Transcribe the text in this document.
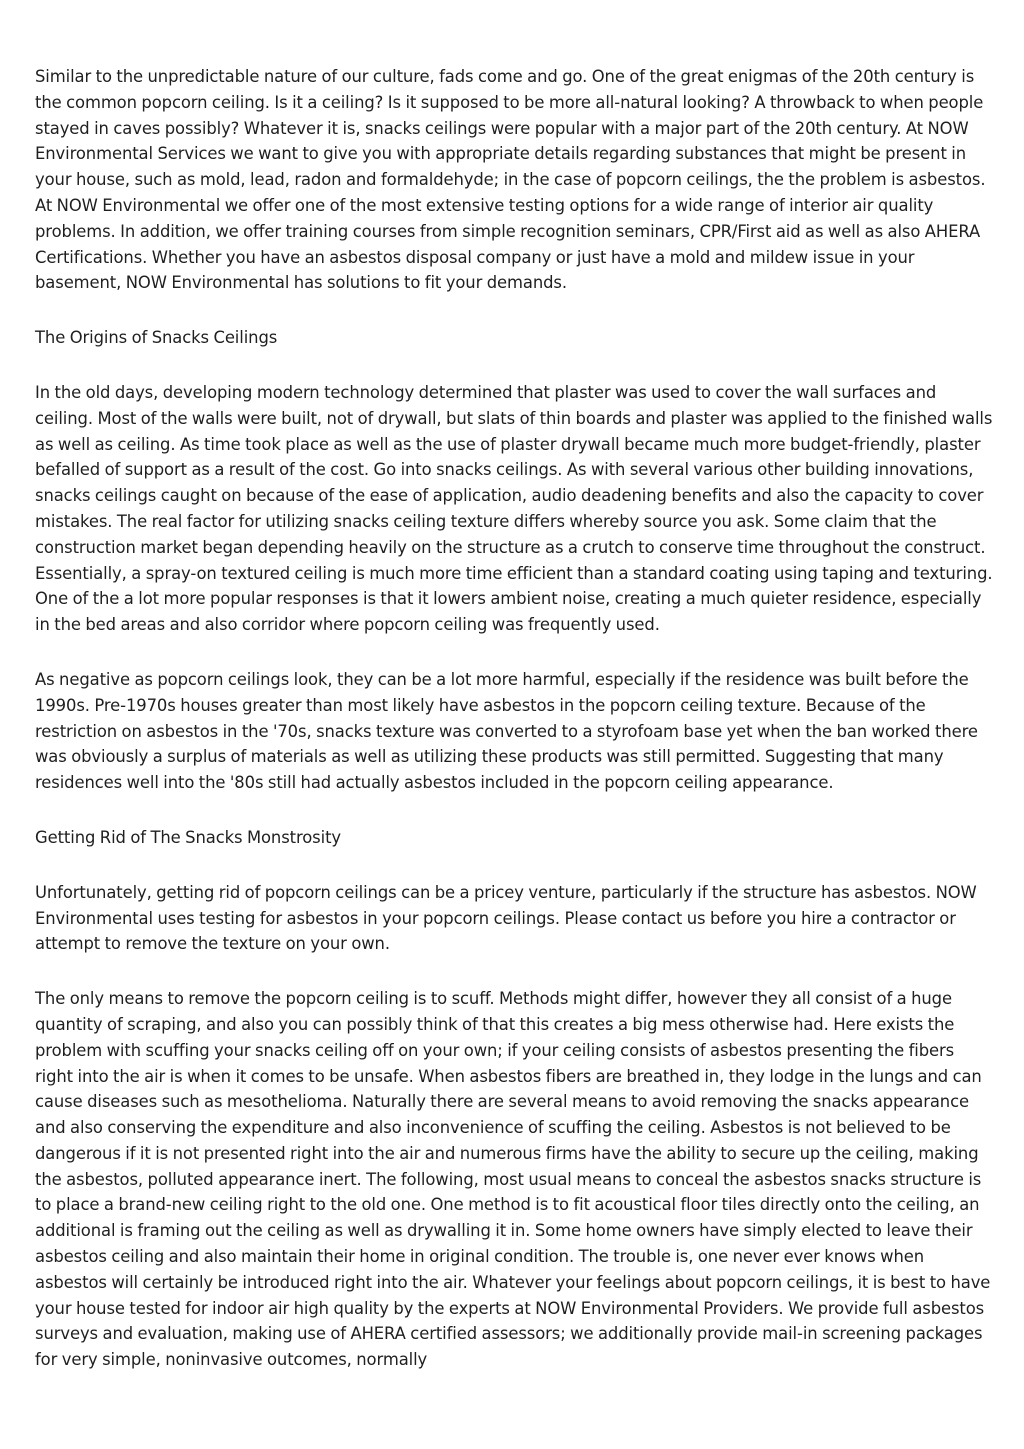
Similar to the unpredictable nature of our culture, fads come and go. One of the great enigmas of the 20th century is the common popcorn ceiling. Is it a ceiling? Is it supposed to be more all-natural looking? A throwback to when people stayed in caves possibly? Whatever it is, snacks ceilings were popular with a major part of the 20th century. At NOW Environmental Services we want to give you with appropriate details regarding substances that might be present in your house, such as mold, lead, radon and formaldehyde; in the case of popcorn ceilings, the the problem is asbestos. At NOW Environmental we offer one of the most extensive testing options for a wide range of interior air quality problems. In addition, we offer training courses from simple recognition seminars, CPR/First aid as well as also AHERA Certifications. Whether you have an asbestos disposal company or just have a mold and mildew issue in your basement, NOW Environmental has solutions to fit your demands.

The Origins of Snacks Ceilings

In the old days, developing modern technology determined that plaster was used to cover the wall surfaces and ceiling. Most of the walls were built, not of drywall, but slats of thin boards and plaster was applied to the finished walls as well as ceiling. As time took place as well as the use of plaster drywall became much more budget-friendly, plaster befalled of support as a result of the cost. Go into snacks ceilings. As with several various other building innovations, snacks ceilings caught on because of the ease of application, audio deadening benefits and also the capacity to cover mistakes. The real factor for utilizing snacks ceiling texture differs whereby source you ask. Some claim that the construction market began depending heavily on the structure as a crutch to conserve time throughout the construct. Essentially, a spray-on textured ceiling is much more time efficient than a standard coating using taping and texturing. One of the a lot more popular responses is that it lowers ambient noise, creating a much quieter residence, especially in the bed areas and also corridor where popcorn ceiling was frequently used.

As negative as popcorn ceilings look, they can be a lot more harmful, especially if the residence was built before the 1990s. Pre-1970s houses greater than most likely have asbestos in the popcorn ceiling texture. Because of the restriction on asbestos in the '70s, snacks texture was converted to a styrofoam base yet when the ban worked there was obviously a surplus of materials as well as utilizing these products was still permitted. Suggesting that many residences well into the '80s still had actually asbestos included in the popcorn ceiling appearance.

Getting Rid of The Snacks Monstrosity

Unfortunately, getting rid of popcorn ceilings can be a pricey venture, particularly if the structure has asbestos. NOW Environmental uses testing for asbestos in your popcorn ceilings. Please contact us before you hire a contractor or attempt to remove the texture on your own.

The only means to remove the popcorn ceiling is to scuff. Methods might differ, however they all consist of a huge quantity of scraping, and also you can possibly think of that this creates a big mess otherwise had. Here exists the problem with scuffing your snacks ceiling off on your own; if your ceiling consists of asbestos presenting the fibers right into the air is when it comes to be unsafe. When asbestos fibers are breathed in, they lodge in the lungs and can cause diseases such as mesothelioma. Naturally there are several means to avoid removing the snacks appearance and also conserving the expenditure and also inconvenience of scuffing the ceiling. Asbestos is not believed to be dangerous if it is not presented right into the air and numerous firms have the ability to secure up the ceiling, making the asbestos, polluted appearance inert. The following, most usual means to conceal the asbestos snacks structure is to place a brand-new ceiling right to the old one. One method is to fit acoustical floor tiles directly onto the ceiling, an additional is framing out the ceiling as well as drywalling it in. Some home owners have simply elected to leave their asbestos ceiling and also maintain their home in original condition. The trouble is, one never ever knows when asbestos will certainly be introduced right into the air. Whatever your feelings about popcorn ceilings, it is best to have your house tested for indoor air high quality by the experts at NOW Environmental Providers. We provide full asbestos surveys and evaluation, making use of AHERA certified assessors; we additionally provide mail-in screening packages for very simple, noninvasive outcomes, normally
